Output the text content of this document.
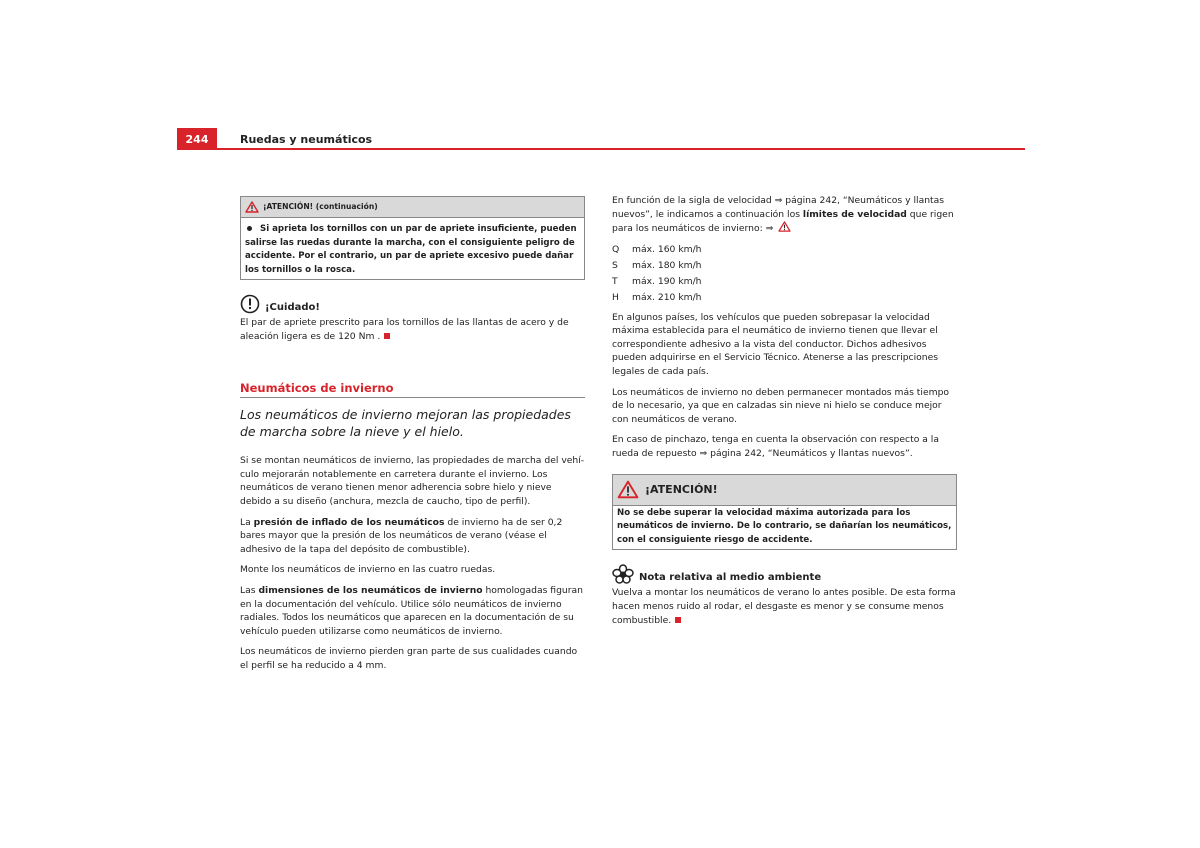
244	Ruedas y neumáticos
¡ATENCIÓN! (continuación)
Si aprieta los tornillos con un par de apriete insuficiente, pueden salirse las ruedas durante la marcha, con el consiguiente peligro de accidente. Por el contrario, un par de apriete excesivo puede dañar los tornillos o la rosca.
¡Cuidado!

El par de apriete prescrito para los tornillos de las llantas de acero y de aleación ligera es de 120 Nm .

Neumáticos de invierno
Los neumáticos de invierno mejoran las propiedades de marcha sobre la nieve y el hielo.

Si se montan neumáticos de invierno, las propiedades de marcha del vehículo mejorarán notablemente en carretera durante el invierno. Los neumáticos de verano tienen menor adherencia sobre hielo y nieve debido a su diseño (anchura, mezcla de caucho, tipo de perfil).

La presión de inflado de los neumáticos de invierno ha de ser 0,2 bares mayor que la presión de los neumáticos de verano (véase el adhesivo de la tapa del depósito de combustible).

Monte los neumáticos de invierno en las cuatro ruedas.

Las dimensiones de los neumáticos de invierno homologadas figuran en la documentación del vehículo. Utilice sólo neumáticos de invierno radiales. Todos los neumáticos que aparecen en la documentación de su vehículo pueden utilizarse como neumáticos de invierno.

Los neumáticos de invierno pierden gran parte de sus cualidades cuando el perfil se ha reducido a 4 mm.

En función de la sigla de velocidad ⇒ página 242, “Neumáticos y llantas nuevos”, le indicamos a continuación los límites de velocidad que rigen para los neumáticos de invierno: ⇒

Q	máx. 160 km/h
S	máx. 180 km/h
T	máx. 190 km/h
H	máx. 210 km/h

En algunos países, los vehículos que pueden sobrepasar la velocidad máxima establecida para el neumático de invierno tienen que llevar el correspondiente adhesivo a la vista del conductor. Dichos adhesivos pueden adquirirse en el Servicio Técnico. Atenerse a las prescripciones legales de cada país.

Los neumáticos de invierno no deben permanecer montados más tiempo de lo necesario, ya que en calzadas sin nieve ni hielo se conduce mejor con neumáticos de verano.

En caso de pinchazo, tenga en cuenta la observación con respecto a la rueda de repuesto ⇒ página 242, “Neumáticos y llantas nuevos”.

¡ATENCIÓN!
No se debe superar la velocidad máxima autorizada para los neumáticos de invierno. De lo contrario, se dañarían los neumáticos, con el consiguiente riesgo de accidente.
Nota relativa al medio ambiente

Vuelva a montar los neumáticos de verano lo antes posible. De esta forma hacen menos ruido al rodar, el desgaste es menor y se consume menos combustible.
